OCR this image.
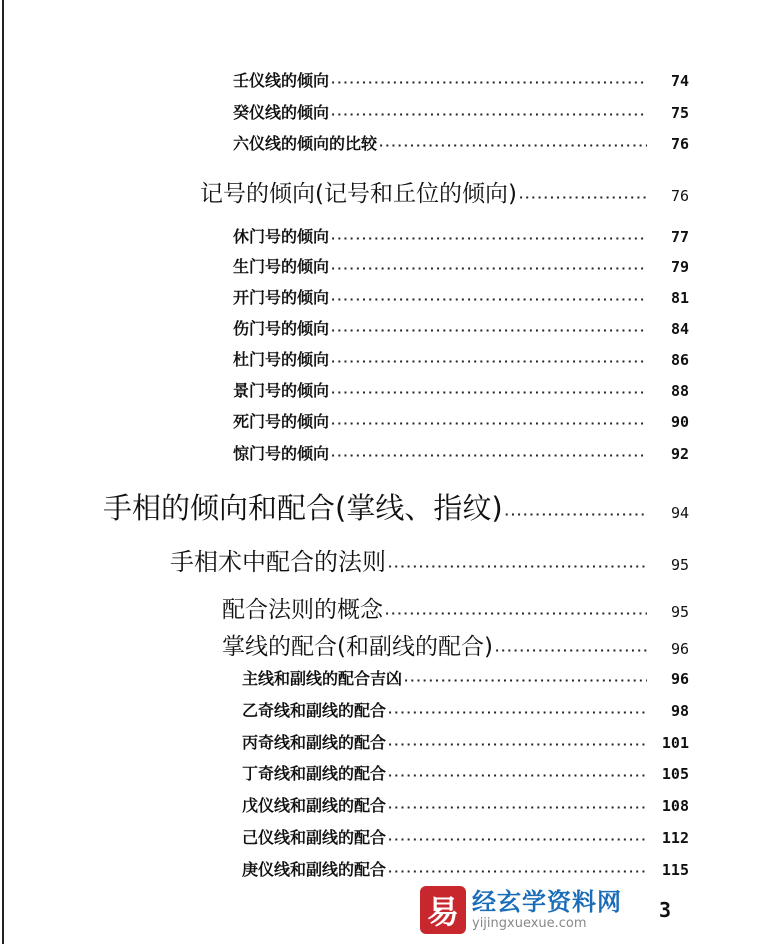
壬仪线的倾向 ·····	74
癸仪线的倾向 ·····	75
六仪线的倾向的比较 ·····	76
记号的倾向(记号和丘位的倾向) ·····	76
休门号的倾向 ·····	77
生门号的倾向 ·····	79
开门号的倾向 ·····	81
伤门号的倾向 ·····	84
杜门号的倾向 ·····	86
景门号的倾向 ·····	88
死门号的倾向 ·····	90
惊门号的倾向 ·····	92
手相的倾向和配合(掌线、指纹) ·····	94
手相术中配合的法则 ·····	95
配合法则的概念 ·····	95
掌线的配合(和副线的配合) ·····	96
主线和副线的配合吉凶 ·····	96
乙奇线和副线的配合 ·····	98
丙奇线和副线的配合 ·····	101
丁奇线和副线的配合 ·····	105
戊仪线和副线的配合 ·····	108
己仪线和副线的配合 ·····	112
庚仪线和副线的配合 ·····	115
3
易 经玄学资料网
yijingxuexue.com
